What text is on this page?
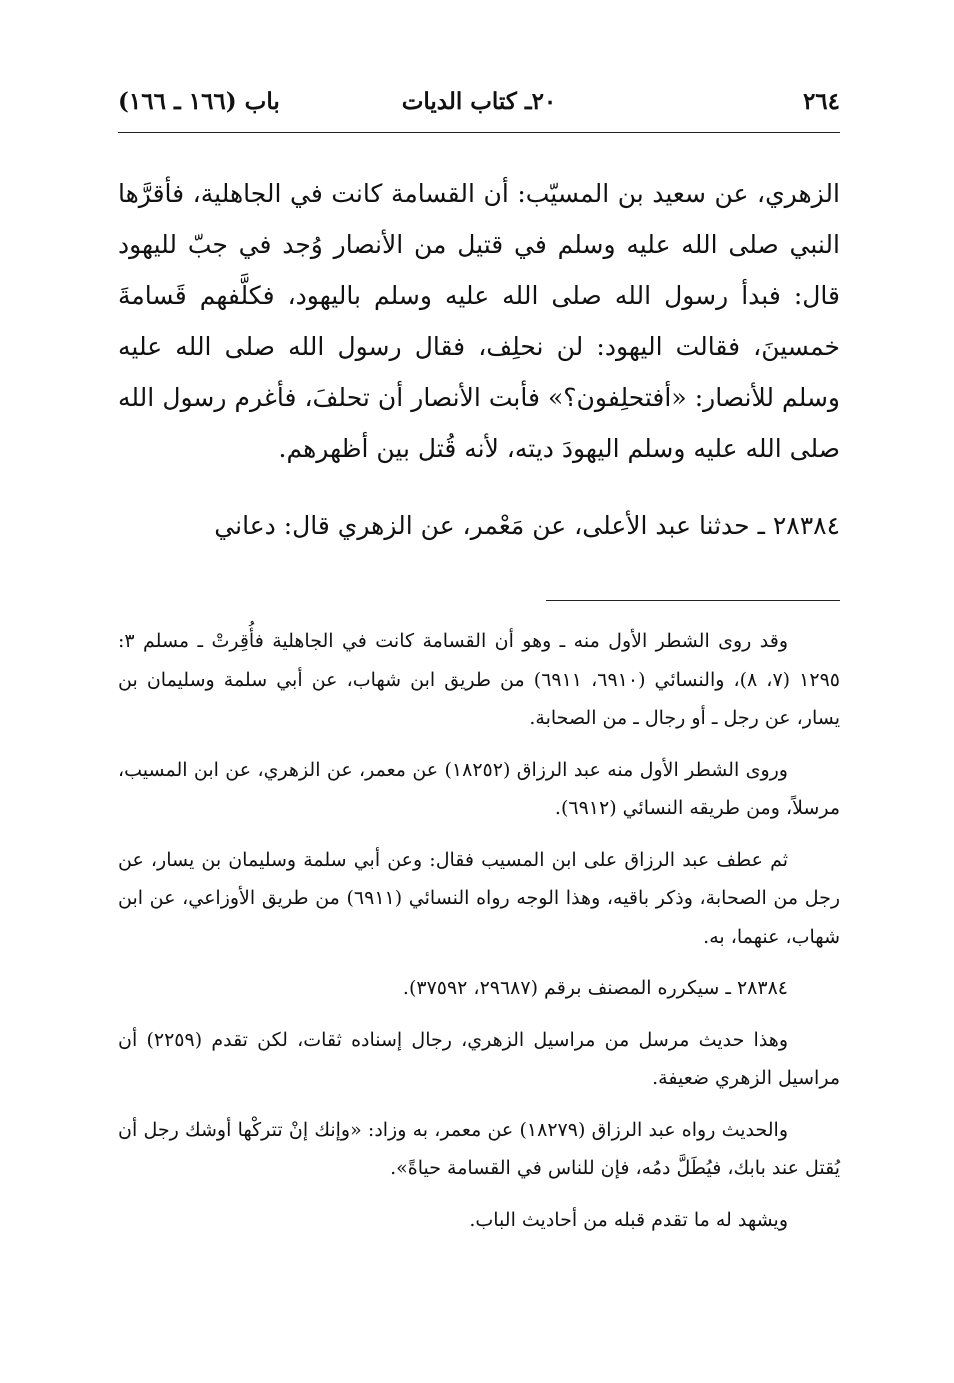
٢٦٤
٢٠ـ كتاب الديات
باب (١٦٦ ـ ١٦٦)

الزهري، عن سعيد بن المسيّب: أن القسامة كانت في الجاهلية، فأقرَّها النبي صلى الله عليه وسلم في قتيل من الأنصار وُجد في جبّ لليهود قال: فبدأ رسول الله صلى الله عليه وسلم باليهود، فكلَّفهم قَسامةَ خمسينَ، فقالت اليهود: لن نحلِف، فقال رسول الله صلى الله عليه وسلم للأنصار: «أفتحلِفون؟» فأبت الأنصار أن تحلفَ، فأغرم رسول الله صلى الله عليه وسلم اليهودَ ديته، لأنه قُتل بين أظهرهم.

٢٨٣٨٤ ـ حدثنا عبد الأعلى، عن مَعْمر، عن الزهري قال: دعاني

وقد روى الشطر الأول منه ـ وهو أن القسامة كانت في الجاهلية فأُقِرتْ ـ مسلم ٣: ١٢٩٥ (٧، ٨)، والنسائي (٦٩١٠، ٦٩١١) من طريق ابن شهاب، عن أبي سلمة وسليمان بن يسار، عن رجل ـ أو رجال ـ من الصحابة.

وروى الشطر الأول منه عبد الرزاق (١٨٢٥٢) عن معمر، عن الزهري، عن ابن المسيب، مرسلاً، ومن طريقه النسائي (٦٩١٢).

ثم عطف عبد الرزاق على ابن المسيب فقال: وعن أبي سلمة وسليمان بن يسار، عن رجل من الصحابة، وذكر باقيه، وهذا الوجه رواه النسائي (٦٩١١) من طريق الأوزاعي، عن ابن شهاب، عنهما، به.

٢٨٣٨٤ ـ سيكرره المصنف برقم (٢٩٦٨٧، ٣٧٥٩٢).

وهذا حديث مرسل من مراسيل الزهري، رجال إسناده ثقات، لكن تقدم (٢٢٥٩) أن مراسيل الزهري ضعيفة.

والحديث رواه عبد الرزاق (١٨٢٧٩) عن معمر، به وزاد: «وإنك إنْ تتركْها أوشك رجل أن يُقتل عند بابك، فيُطَلَّ دمُه، فإن للناس في القسامة حياةً».

ويشهد له ما تقدم قبله من أحاديث الباب.
